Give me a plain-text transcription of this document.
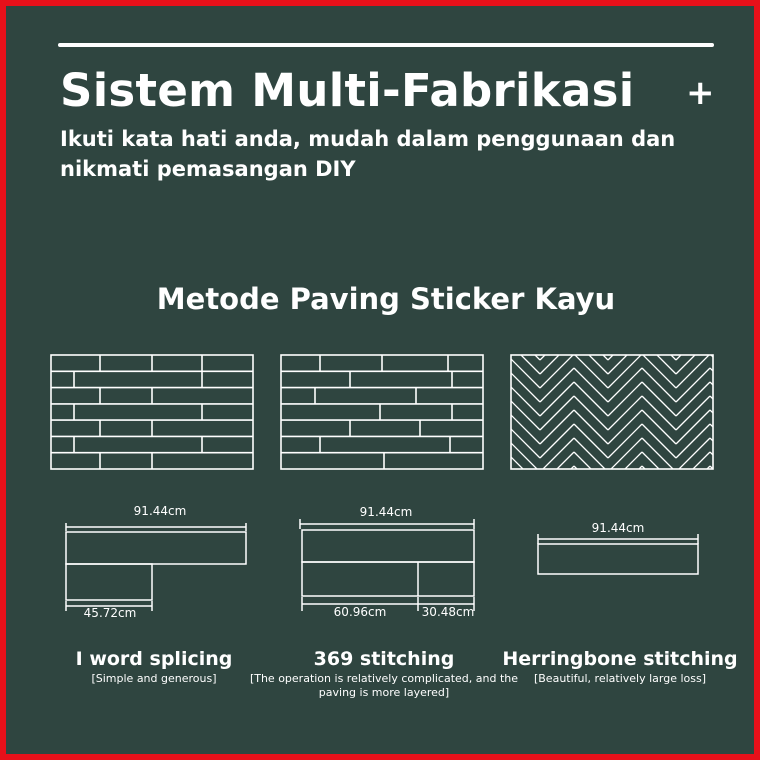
Sistem Multi-Fabrikasi +
Ikuti kata hati anda, mudah dalam penggunaan dan nikmati pemasangan DIY
Metode Paving Sticker Kayu
91.44cm
45.72cm
91.44cm
60.96cm	30.48cm
91.44cm
I word splicing
[Simple and generous]
369 stitching
[The operation is relatively complicated, and the paving is more layered]
Herringbone stitching
[Beautiful, relatively large loss]
